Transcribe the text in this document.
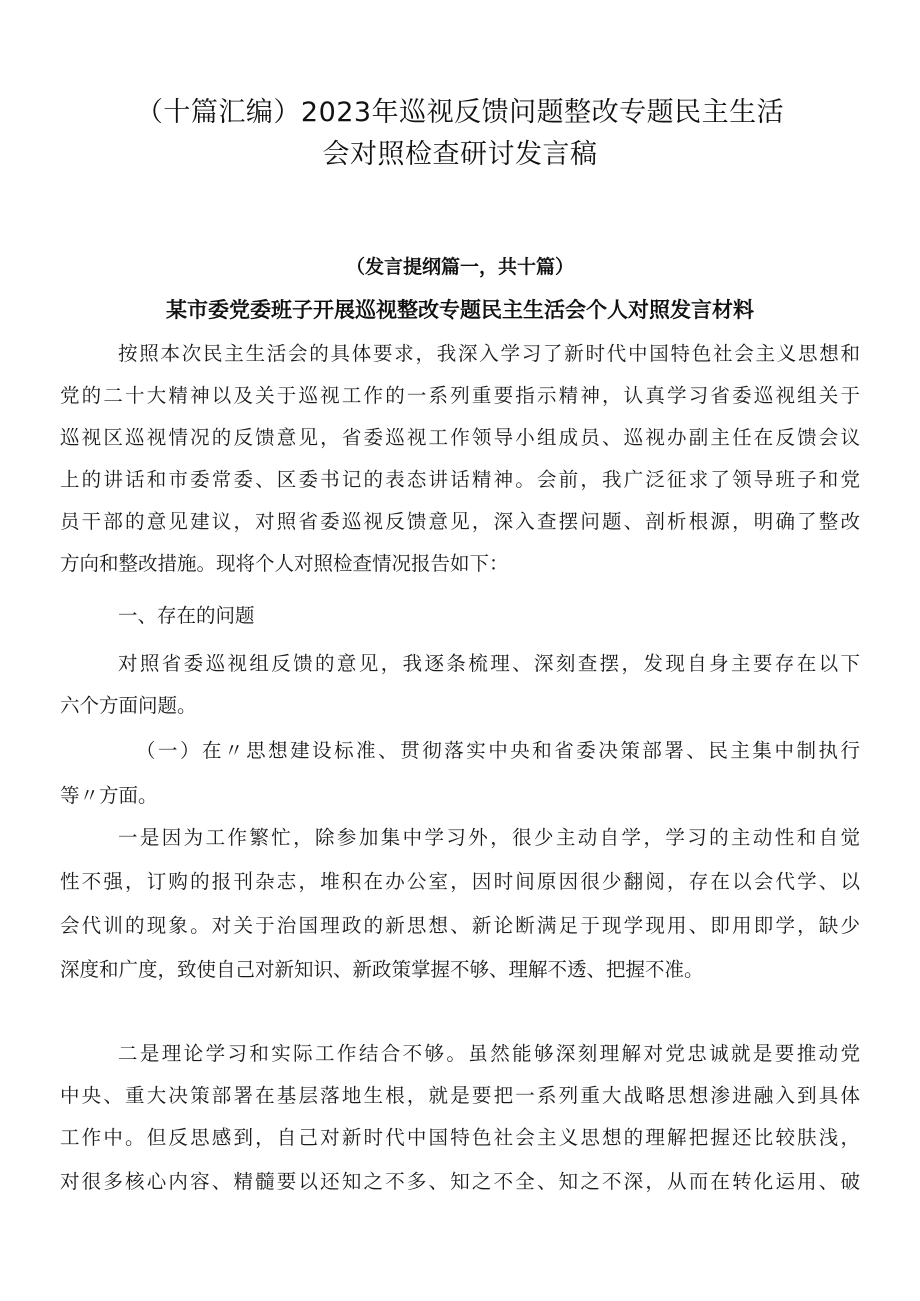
（十篇汇编）2023年巡视反馈问题整改专题民主生活
会对照检查研讨发言稿
（发言提纲篇一，共十篇）
某市委党委班子开展巡视整改专题民主生活会个人对照发言材料
按照本次民主生活会的具体要求，我深入学习了新时代中国特色社会主义思想和
党的二十大精神以及关于巡视工作的一系列重要指示精神，认真学习省委巡视组关于
巡视区巡视情况的反馈意见，省委巡视工作领导小组成员、巡视办副主任在反馈会议
上的讲话和市委常委、区委书记的表态讲话精神。会前，我广泛征求了领导班子和党
员干部的意见建议，对照省委巡视反馈意见，深入查摆问题、剖析根源，明确了整改
方向和整改措施。现将个人对照检查情况报告如下：
一、存在的问题
对照省委巡视组反馈的意见，我逐条梳理、深刻查摆，发现自身主要存在以下
六个方面问题。
（一）在〃思想建设标准、贯彻落实中央和省委决策部署、民主集中制执行
等〃方面。
一是因为工作繁忙，除参加集中学习外，很少主动自学，学习的主动性和自觉
性不强，订购的报刊杂志，堆积在办公室，因时间原因很少翻阅，存在以会代学、以
会代训的现象。对关于治国理政的新思想、新论断满足于现学现用、即用即学，缺少
深度和广度，致使自己对新知识、新政策掌握不够、理解不透、把握不准。
二是理论学习和实际工作结合不够。虽然能够深刻理解对党忠诚就是要推动党
中央、重大决策部署在基层落地生根，就是要把一系列重大战略思想渗进融入到具体
工作中。但反思感到，自己对新时代中国特色社会主义思想的理解把握还比较肤浅，
对很多核心内容、精髓要以还知之不多、知之不全、知之不深，从而在转化运用、破
